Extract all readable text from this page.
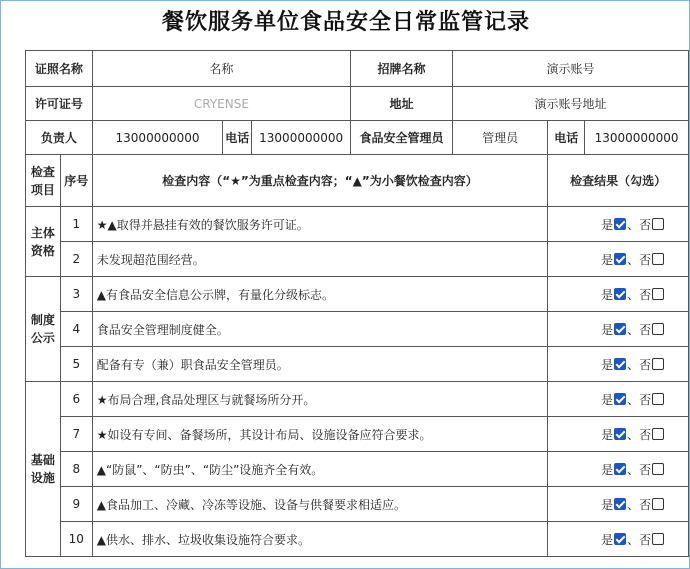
餐饮服务单位食品安全日常监管记录
证照名称		名称			招牌名称	演示账号		
许可证号		CRYENSE			地址	演示账号地址		
负责人		13000000000	电话	13000000000	食品安全管理员	管理员	电话	13000000000
检查项目	序号	检查内容（“★”为重点检查内容；“▲”为小餐饮检查内容）					检查结果（勾选）	
主体资格	1	★▲取得并悬挂有效的餐饮服务许可证。					是 、否	
	2	未发现超范围经营。					是 、否	
制度公示	3	▲有食品安全信息公示牌，有量化分级标志。					是 、否	
	4	食品安全管理制度健全。					是 、否	
	5	配备有专（兼）职食品安全管理员。					是 、否	
基础设施	6	★布局合理,食品处理区与就餐场所分开。					是 、否	
	7	★如设有专间、备餐场所，其设计布局、设施设备应符合要求。					是 、否	
	8	▲“防鼠”、“防虫”、“防尘”设施齐全有效。					是 、否	
	9	▲食品加工、冷藏、冷冻等设施、设备与供餐要求相适应。					是 、否	
	10	▲供水、排水、垃圾收集设施符合要求。					是 、否	
